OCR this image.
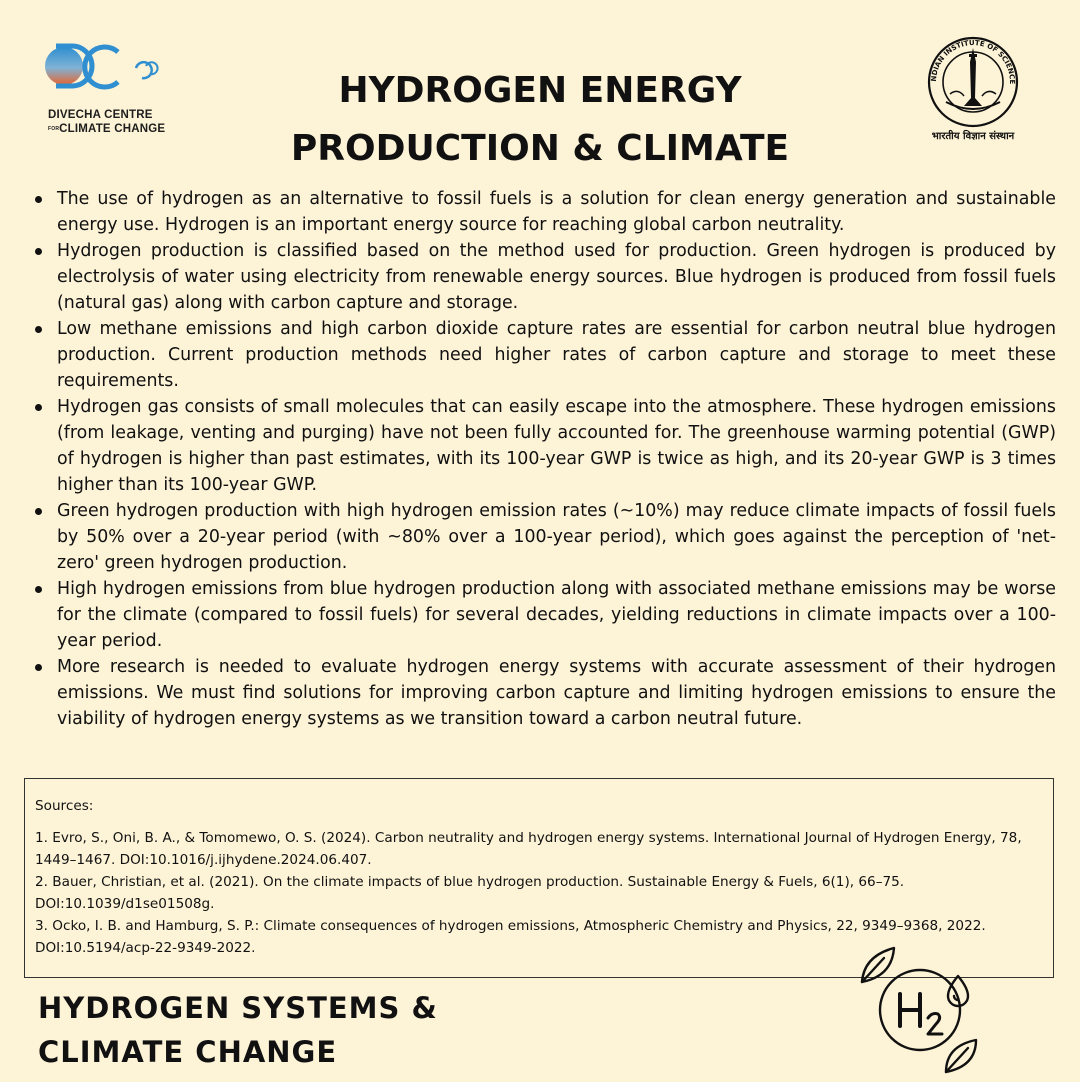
DIVECHA CENTRE
FORCLIMATE CHANGE
NDIAN INSTITUTE OF SCIENCE
भारतीय विज्ञान संस्थान
HYDROGEN ENERGY
PRODUCTION & CLIMATE
The use of hydrogen as an alternative to fossil fuels is a solution for clean energy generation and sustainable energy use. Hydrogen is an important energy source for reaching global carbon neutrality.
Hydrogen production is classified based on the method used for production. Green hydrogen is produced by electrolysis of water using electricity from renewable energy sources. Blue hydrogen is produced from fossil fuels (natural gas) along with carbon capture and storage.
Low methane emissions and high carbon dioxide capture rates are essential for carbon neutral blue hydrogen production. Current production methods need higher rates of carbon capture and storage to meet these requirements.
Hydrogen gas consists of small molecules that can easily escape into the atmosphere. These hydrogen emissions (from leakage, venting and purging) have not been fully accounted for. The greenhouse warming potential (GWP) of hydrogen is higher than past estimates, with its 100-year GWP is twice as high, and its 20-year GWP is 3 times higher than its 100-year GWP.
Green hydrogen production with high hydrogen emission rates (~10%) may reduce climate impacts of fossil fuels by 50% over a 20-year period (with ~80% over a 100-year period), which goes against the perception of 'net-zero' green hydrogen production.
High hydrogen emissions from blue hydrogen production along with associated methane emissions may be worse for the climate (compared to fossil fuels) for several decades, yielding reductions in climate impacts over a 100-year period.
More research is needed to evaluate hydrogen energy systems with accurate assessment of their hydrogen emissions. We must find solutions for improving carbon capture and limiting hydrogen emissions to ensure the viability of hydrogen energy systems as we transition toward a carbon neutral future.
Sources:
1. Evro, S., Oni, B. A., & Tomomewo, O. S. (2024). Carbon neutrality and hydrogen energy systems. International Journal of Hydrogen Energy, 78, 1449–1467. DOI:10.1016/j.ijhydene.2024.06.407.
2. Bauer, Christian, et al. (2021). On the climate impacts of blue hydrogen production. Sustainable Energy & Fuels, 6(1), 66–75. DOI:10.1039/d1se01508g.
3. Ocko, I. B. and Hamburg, S. P.: Climate consequences of hydrogen emissions, Atmospheric Chemistry and Physics, 22, 9349–9368, 2022. DOI:10.5194/acp-22-9349-2022.
HYDROGEN SYSTEMS &
CLIMATE CHANGE
